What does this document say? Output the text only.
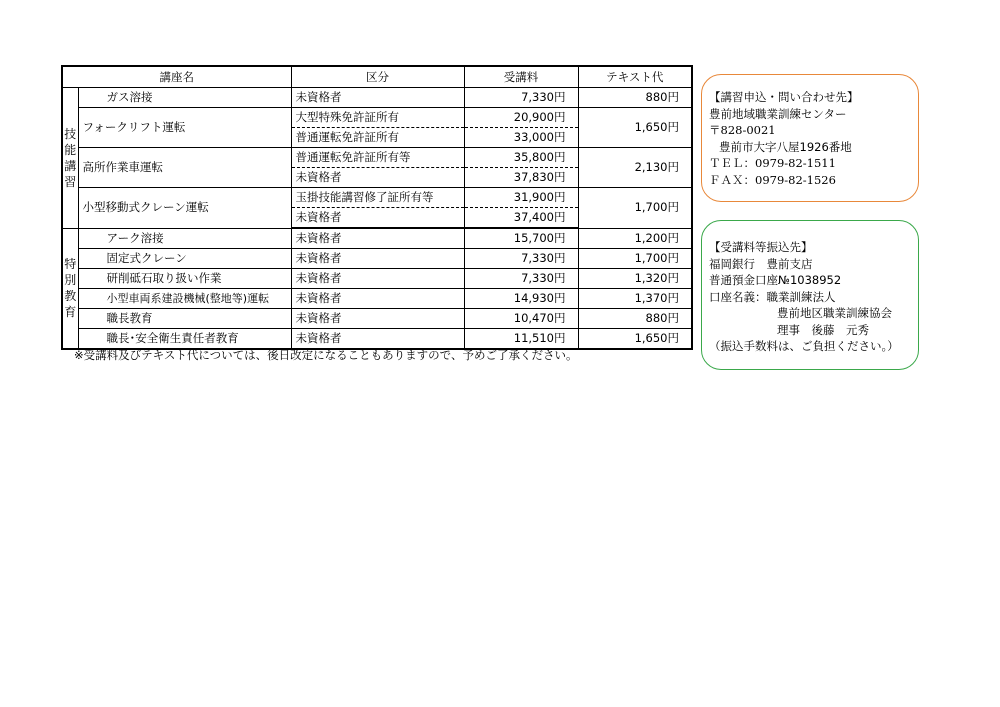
講座名		区分	受講料	テキスト代

技
能
講
習	ガス溶接	未資格者	7,330円	880円
	フォークリフト運転	大型特殊免許証所有	20,900円	1,650円
		普通運転免許証所有	33,000円	
	高所作業車運転	普通運転免許証所有等	35,800円	2,130円
		未資格者	37,830円	
	小型移動式クレーン運転	玉掛技能講習修了証所有等	31,900円	1,700円
		未資格者	37,400円	

特
別
教
育	アーク溶接	未資格者	15,700円	1,200円
	固定式クレーン	未資格者	7,330円	1,700円
	研削砥石取り扱い作業	未資格者	7,330円	1,320円
	小型車両系建設機械(整地等)運転	未資格者	14,930円	1,370円
	職長教育	未資格者	10,470円	880円
	職長･安全衛生責任者教育	未資格者	11,510円	1,650円
※受講料及びテキスト代については、後日改定になることもありますので、予めご了承ください。
【講習申込・問い合わせ先】
豊前地域職業訓練センター
〒828-0021
豊前市大字八屋1926番地
ＴＥＬ：0979-82-1511
ＦＡＸ：0979-82-1526
【受講料等振込先】
福岡銀行　豊前支店
普通預金口座№1038952
口座名義：職業訓練法人
豊前地区職業訓練協会
理事　後藤　元秀
（振込手数料は、ご負担ください。）
